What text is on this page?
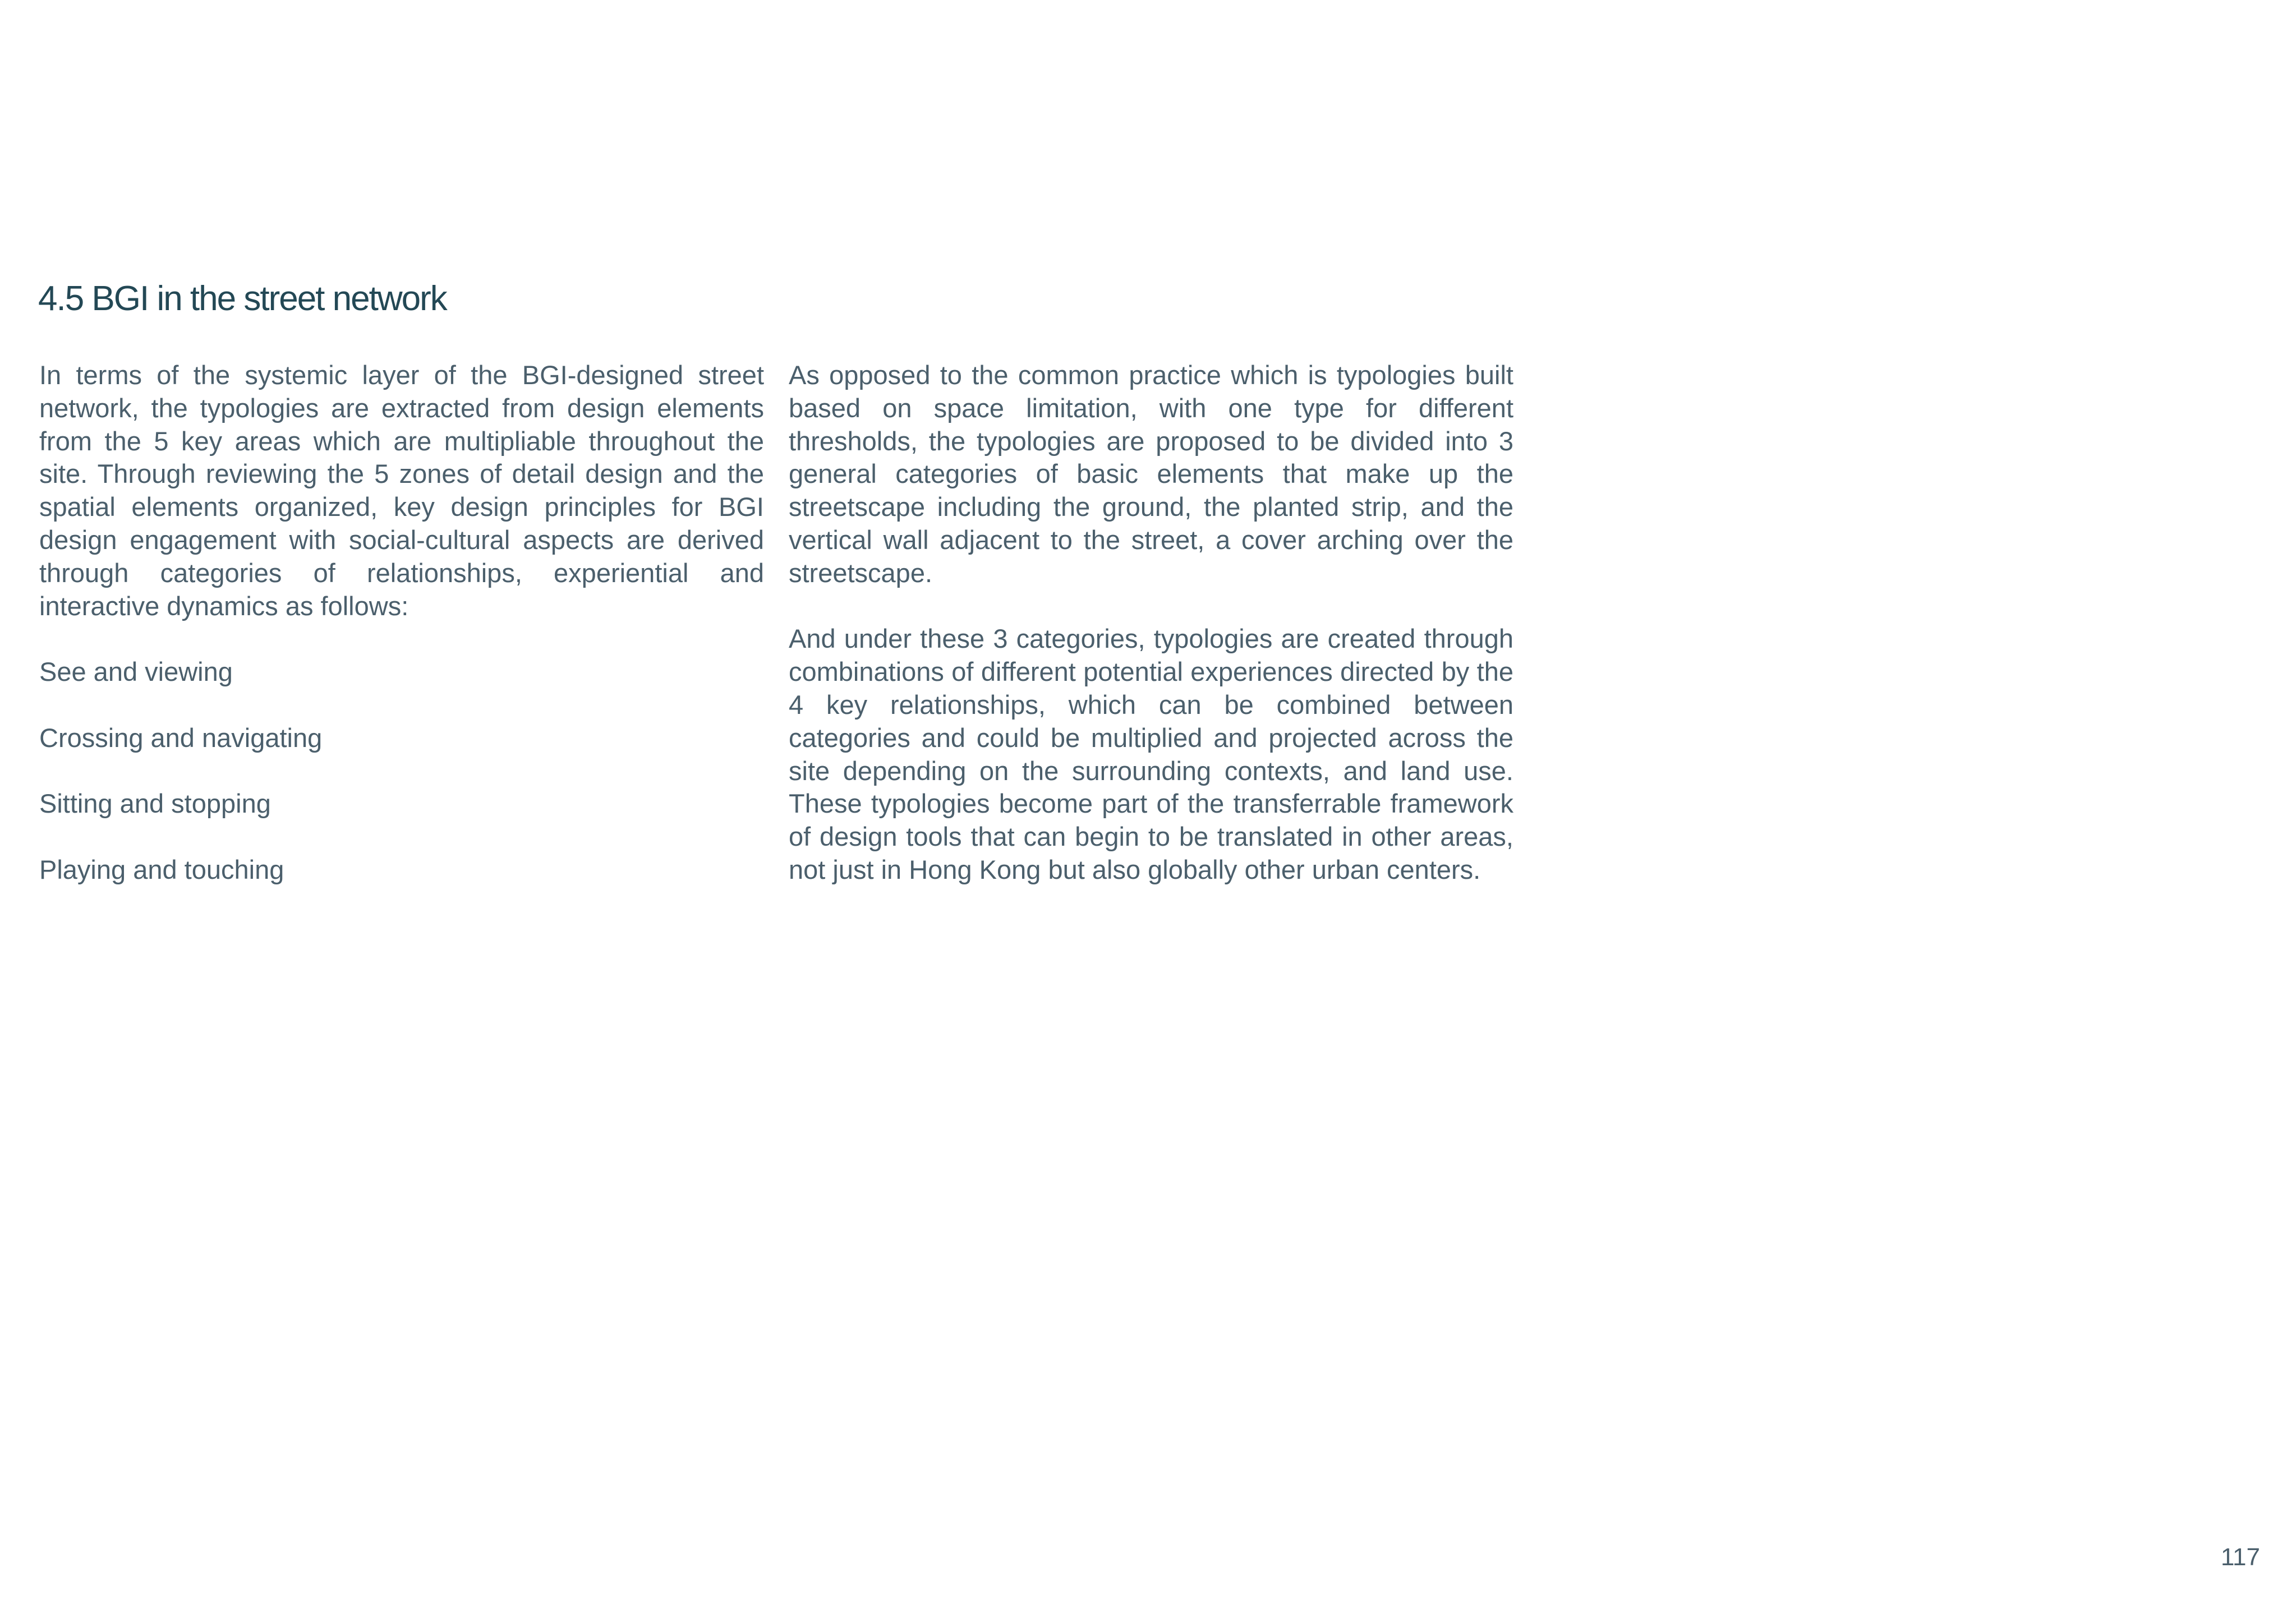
4.5 BGI in the street network

In terms of the systemic layer of the BGI-designed street network, the typologies are extracted from design elements from the 5 key areas which are multipliable throughout the site. Through reviewing the 5 zones of detail design and the spatial elements organized, key design principles for BGI design engagement with social-cultural aspects are derived through categories of relationships, experiential and interactive dynamics as follows:

See and viewing
Crossing and navigating
Sitting and stopping
Playing and touching

As opposed to the common practice which is typologies built based on space limitation, with one type for different thresholds, the typologies are proposed to be divided into 3 general categories of basic elements that make up the streetscape including the ground, the planted strip, and the vertical wall adjacent to the street, a cover arching over the streetscape.

And under these 3 categories, typologies are created through combinations of different potential experiences directed by the 4 key relationships, which can be combined between categories and could be multiplied and projected across the site depending on the surrounding contexts, and land use. These typologies become part of the transferrable framework of design tools that can begin to be translated in other areas, not just in Hong Kong but also globally other urban centers.

117
